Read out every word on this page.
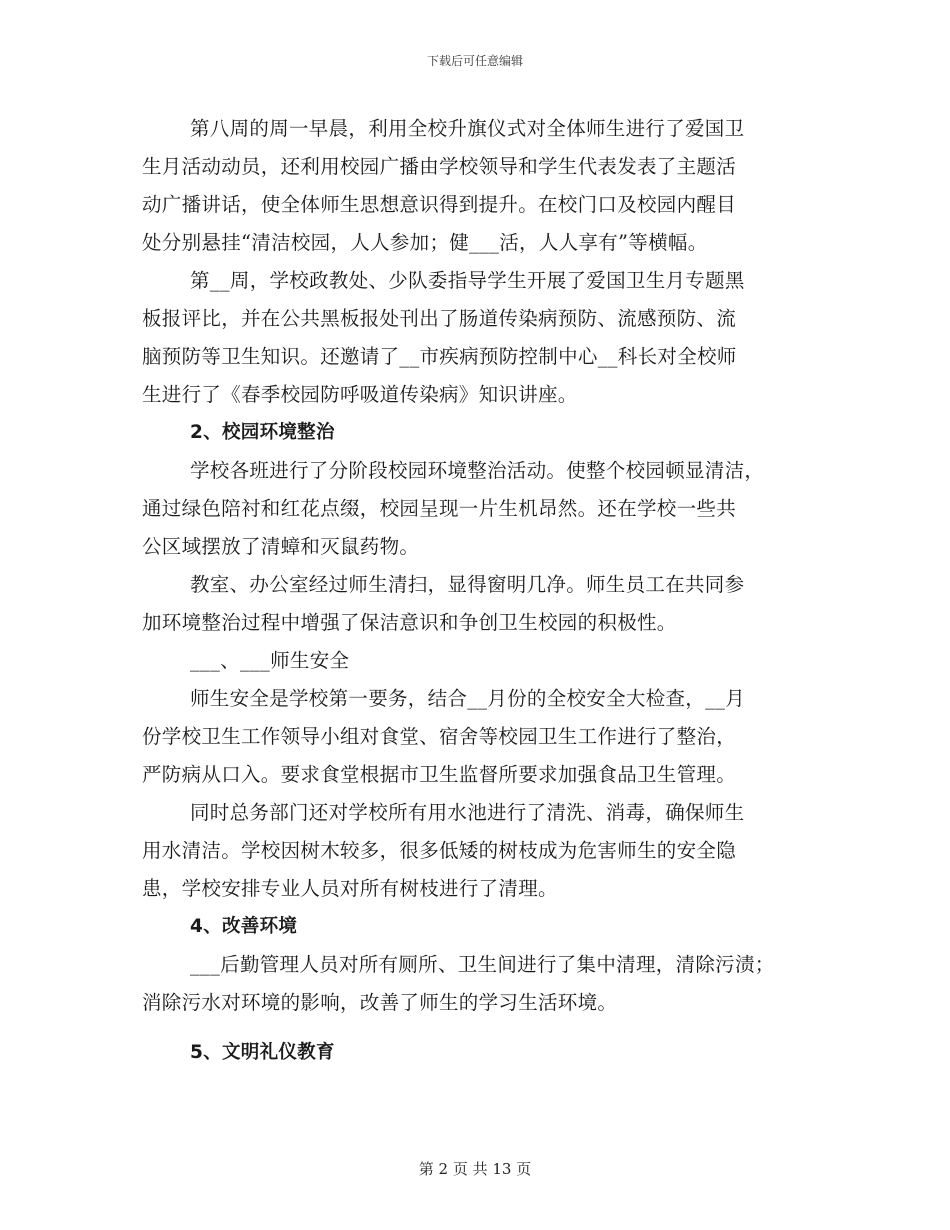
下载后可任意编辑

第八周的周一早晨，利用全校升旗仪式对全体师生进行了爱国卫

生月活动动员，还利用校园广播由学校领导和学生代表发表了主题活

动广播讲话，使全体师生思想意识得到提升。在校门口及校园内醒目

处分别悬挂“清洁校园，人人参加；健___活，人人享有”等横幅。

第__周，学校政教处、少队委指导学生开展了爱国卫生月专题黑

板报评比，并在公共黑板报处刊出了肠道传染病预防、流感预防、流

脑预防等卫生知识。还邀请了__市疾病预防控制中心__科长对全校师

生进行了《春季校园防呼吸道传染病》知识讲座。

2、校园环境整治

学校各班进行了分阶段校园环境整治活动。使整个校园顿显清洁，

通过绿色陪衬和红花点缀，校园呈现一片生机昂然。还在学校一些共

公区域摆放了清蟑和灭鼠药物。

教室、办公室经过师生清扫，显得窗明几净。师生员工在共同参

加环境整治过程中增强了保洁意识和争创卫生校园的积极性。

___、___师生安全

师生安全是学校第一要务，结合__月份的全校安全大检查，__月

份学校卫生工作领导小组对食堂、宿舍等校园卫生工作进行了整治，

严防病从口入。要求食堂根据市卫生监督所要求加强食品卫生管理。

同时总务部门还对学校所有用水池进行了清洗、消毒，确保师生

用水清洁。学校因树木较多，很多低矮的树枝成为危害师生的安全隐

患，学校安排专业人员对所有树枝进行了清理。

4、改善环境

___后勤管理人员对所有厕所、卫生间进行了集中清理，清除污渍；

消除污水对环境的影响，改善了师生的学习生活环境。

5、文明礼仪教育

第 2 页 共 13 页
